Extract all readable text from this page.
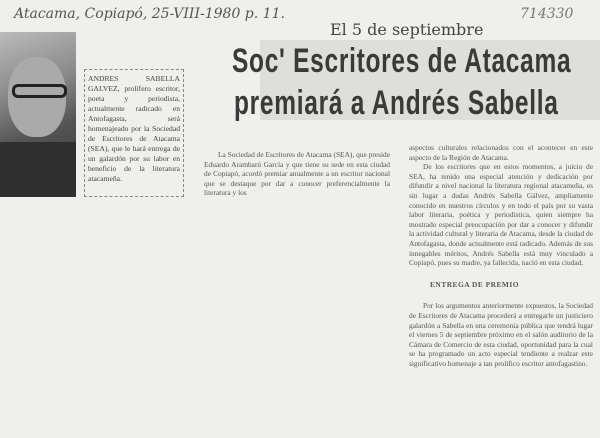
Atacama, Copiapó, 25-VIII-1980 p. 11.	714330
ANDRES SABELLA GALVEZ, prolífero escritor, poeta y periodista, actualmente radicado en Antofagasta, será homenajeado por la Sociedad de Escritores de Atacama (SEA), que le hará entrega de un galardón por su labor en beneficio de la literatura atacameña.
El 5 de septiembre
Soc' Escritores de Atacama
premiará a Andrés Sabella

La Sociedad de Escritores de Atacama (SEA), que preside Eduardo Arambarú García y que tiene su sede en esta ciudad de Copiapó, acordó premiar anualmente a un escritor nacional que se destaque por dar a conocer preferencialmente la literatura y los

aspectos culturales relacionados con el acontecer en este aspecto de la Región de Atacama.

De los escritores que en estos momentos, a juicio de SEA, ha tenido una especial atención y dedicación por difundir a nivel nacional la literatura regional atacameña, es sin lugar a dudas Andrés Sabella Gálvez, ampliamente conocido en nuestros círculos y en todo el país por su vasta labor literaria, poética y periodística, quien siempre ha mostrado especial preocupación por dar a conocer y difundir la actividad cultural y literaria de Atacama, desde la ciudad de Antofagasta, donde actualmente está radicado. Además de sus innegables méritos, Andrés Sabella está muy vinculado a Copiapó, pues su madre, ya fallecida, nació en esta ciudad.

ENTREGA DE PREMIO

Por los argumentos anteriormente expuestos, la Sociedad de Escritores de Atacama procederá a entregarle un justiciero galardón a Sabella en una ceremonia pública que tendrá lugar el viernes 5 de septiembre próximo en el salón auditorio de la Cámara de Comercio de esta ciudad, oportunidad para la cual se ha programado un acto especial tendiente a realzar este significativo homenaje a tan prolífico escritor antofagastino.
